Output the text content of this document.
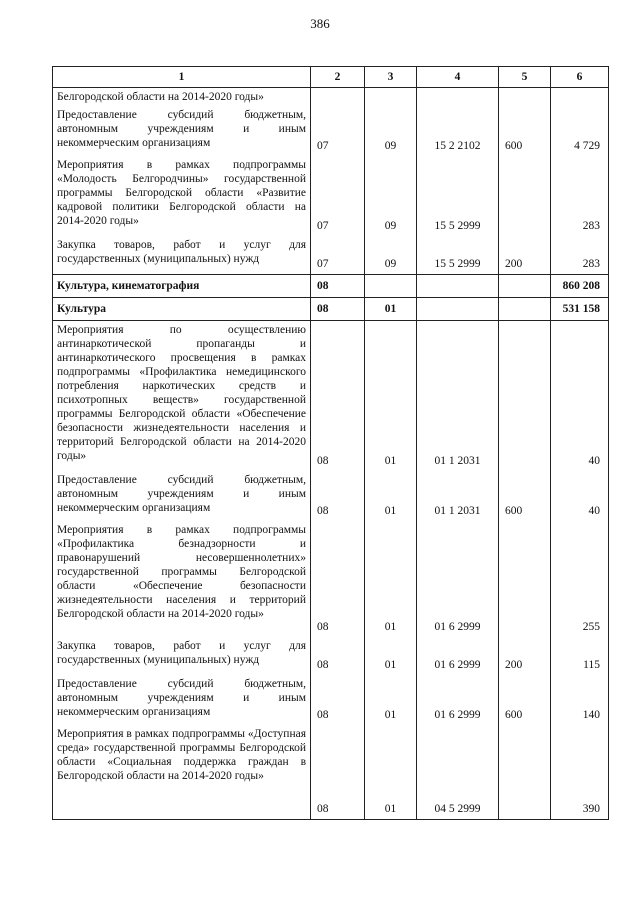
386
1	2	3	4	5	6
Белгородской области на 2014-2020 годы»					
Предоставление субсидий бюджетным, автономным учреждениям и иным некоммерческим организациям	07	09	15 2 2102	600	4 729
Мероприятия в рамках подпрограммы «Молодость Белгородчины» государственной программы Белгородской области «Развитие кадровой политики Белгородской области на 2014-2020 годы»	07	09	15 5 2999		283
Закупка товаров, работ и услуг для государственных (муниципальных) нужд	07	09	15 5 2999	200	283
Культура, кинематография	08				860 208
Культура	08	01			531 158
Мероприятия по осуществлению антинаркотической пропаганды и антинаркотического просвещения в рамках подпрограммы «Профилактика немедицинского потребления наркотических средств и психотропных веществ» государственной программы Белгородской области «Обеспечение безопасности жизнедеятельности населения и территорий Белгородской области на 2014-2020 годы»	08	01	01 1 2031		40
Предоставление субсидий бюджетным, автономным учреждениям и иным некоммерческим организациям	08	01	01 1 2031	600	40
Мероприятия в рамках подпрограммы «Профилактика безнадзорности и правонарушений несовершеннолетних» государственной программы Белгородской области «Обеспечение безопасности жизнедеятельности населения и территорий Белгородской области на 2014-2020 годы»	08	01	01 6 2999		255
Закупка товаров, работ и услуг для государственных (муниципальных) нужд	08	01	01 6 2999	200	115
Предоставление субсидий бюджетным, автономным учреждениям и иным некоммерческим организациям	08	01	01 6 2999	600	140
Мероприятия в рамках подпрограммы «Доступная среда» государственной программы Белгородской области «Социальная поддержка граждан в Белгородской области на 2014-2020 годы»	08	01	04 5 2999		390
